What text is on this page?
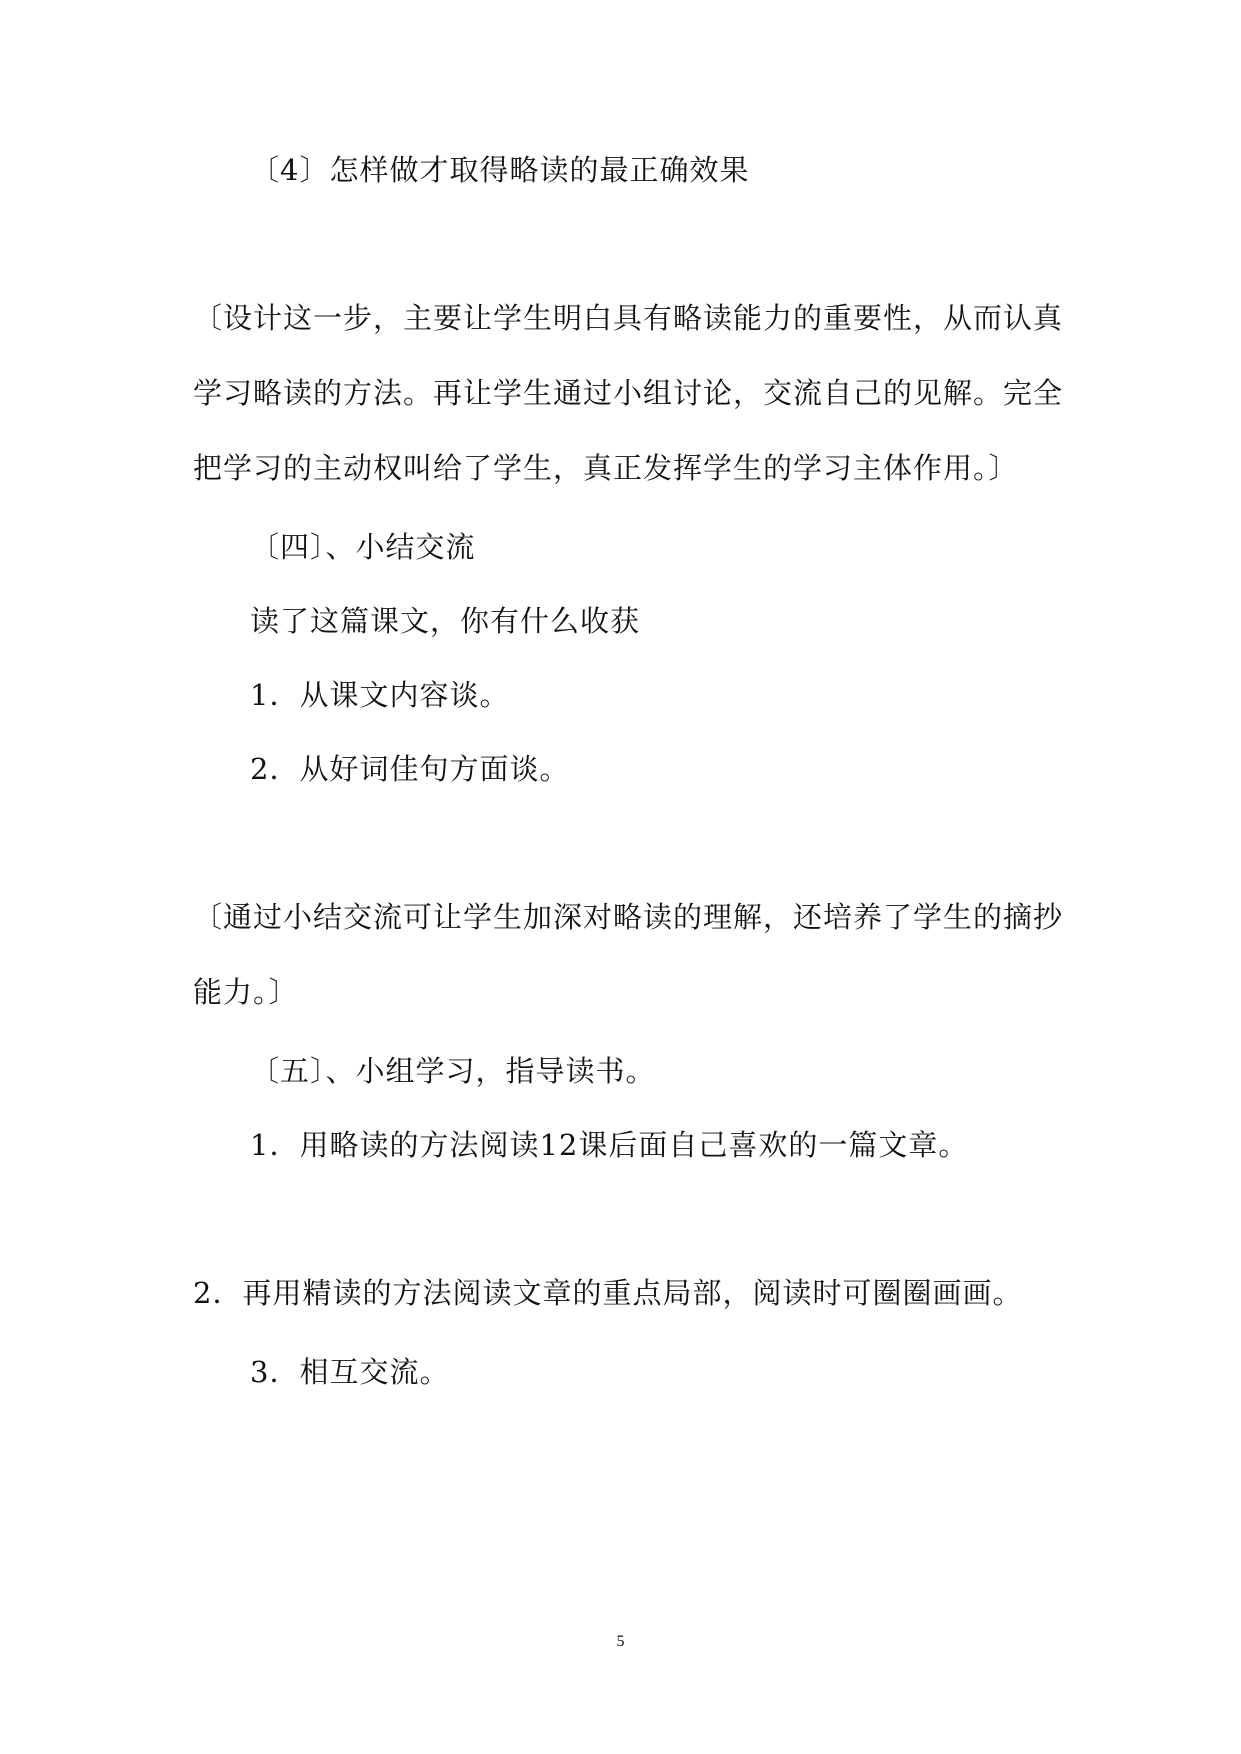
〔4〕怎样做才取得略读的最正确效果
〔设计这一步，主要让学生明白具有略读能力的重要性，从而认真
学习略读的方法。再让学生通过小组讨论，交流自己的见解。完全
把学习的主动权叫给了学生，真正发挥学生的学习主体作用。〕
〔四〕、小结交流
读了这篇课文，你有什么收获
1．从课文内容谈。
2．从好词佳句方面谈。
〔通过小结交流可让学生加深对略读的理解，还培养了学生的摘抄
能力。〕
〔五〕、小组学习，指导读书。
1．用略读的方法阅读12课后面自己喜欢的一篇文章。
2．再用精读的方法阅读文章的重点局部，阅读时可圈圈画画。
3．相互交流。
5
